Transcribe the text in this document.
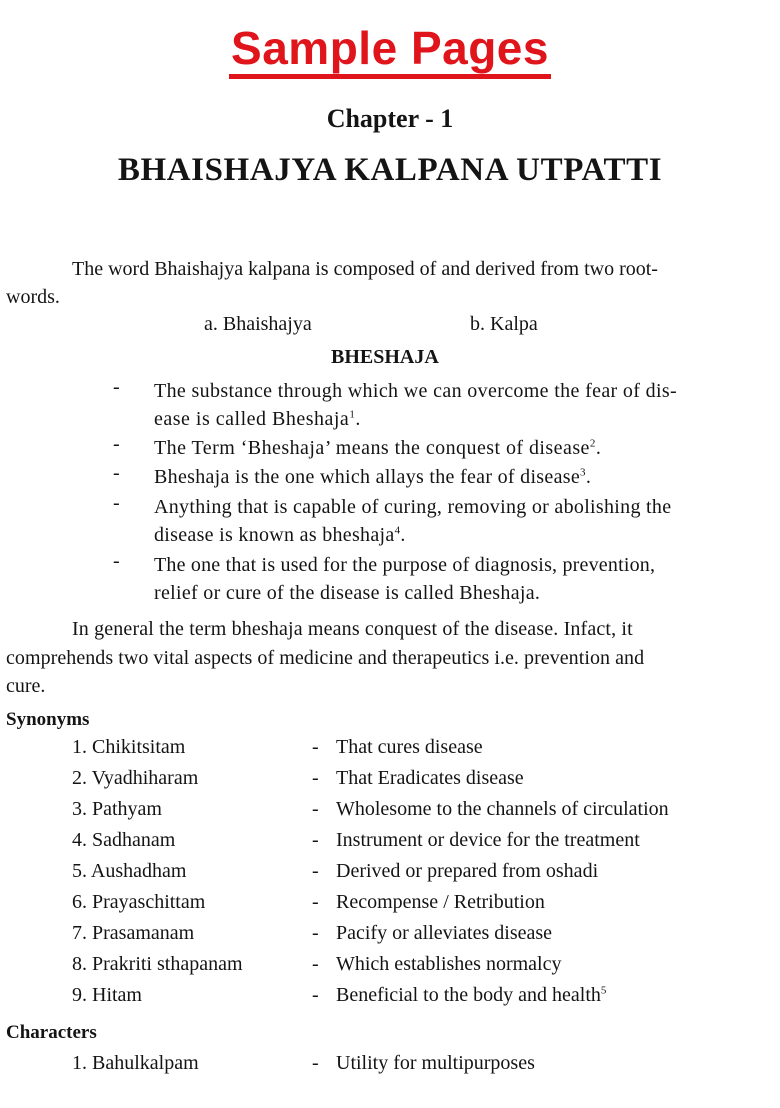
Sample Pages
Chapter - 1
BHAISHAJYA KALPANA UTPATTI
The word Bhaishajya kalpana is composed of and derived from two root-
words.
a. Bhaishajya	b. Kalpa
BHESHAJA
- The substance through which we can overcome the fear of dis-
ease is called Bheshaja$^1$.
- The Term ‘Bheshaja’ means the conquest of disease$^2$.
- Bheshaja is the one which allays the fear of disease$^3$.
- Anything that is capable of curing, removing or abolishing the
disease is known as bheshaja$^4$.
- The one that is used for the purpose of diagnosis, prevention,
relief or cure of the disease is called Bheshaja.
In general the term bheshaja means conquest of the disease. Infact, it
comprehends two vital aspects of medicine and therapeutics i.e. prevention and
cure.
Synonyms
1. Chikitsitam	- That cures disease
2. Vyadhiharam	- That Eradicates disease
3. Pathyam	- Wholesome to the channels of circulation
4. Sadhanam	- Instrument or device for the treatment
5. Aushadham	- Derived or prepared from oshadi
6. Prayaschittam	- Recompense / Retribution
7. Prasamanam	- Pacify or alleviates disease
8. Prakriti sthapanam	- Which establishes normalcy
9. Hitam	- Beneficial to the body and health$^5$
Characters
1. Bahulkalpam	- Utility for multipurposes
